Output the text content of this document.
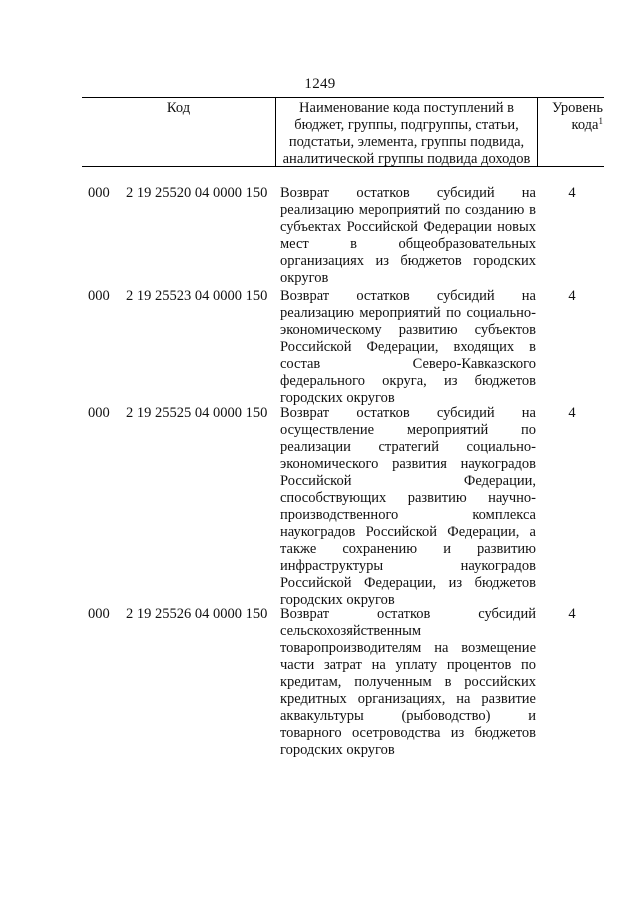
1249
Код	Наименование кода поступлений в
бюджет, группы, подгруппы, статьи,
подстатьи, элемента, группы подвида,
аналитической группы подвида доходов
Уровень
кода$^1$
000 2 19 25520 04 0000 150 Возврат остатков субсидий на
реализацию мероприятий по созданию в
субъектах Российской Федерации новых
мест в общеобразовательных
организациях из бюджетов городских
округов
4
000 2 19 25523 04 0000 150 Возврат остатков субсидий на
реализацию мероприятий по социально-
экономическому развитию субъектов
Российской Федерации, входящих в
состав Северо-Кавказского
федерального округа, из бюджетов
городских округов
4
000 2 19 25525 04 0000 150 Возврат остатков субсидий на
осуществление мероприятий по
реализации стратегий социально-
экономического развития наукоградов
Российской Федерации,
способствующих развитию научно-
производственного комплекса
наукоградов Российской Федерации, а
также сохранению и развитию
инфраструктуры наукоградов
Российской Федерации, из бюджетов
городских округов
4
000 2 19 25526 04 0000 150 Возврат остатков субсидий
сельскохозяйственным
товаропроизводителям на возмещение
части затрат на уплату процентов по
кредитам, полученным в российских
кредитных организациях, на развитие
аквакультуры (рыбоводство) и
товарного осетроводства из бюджетов
городских округов
4
